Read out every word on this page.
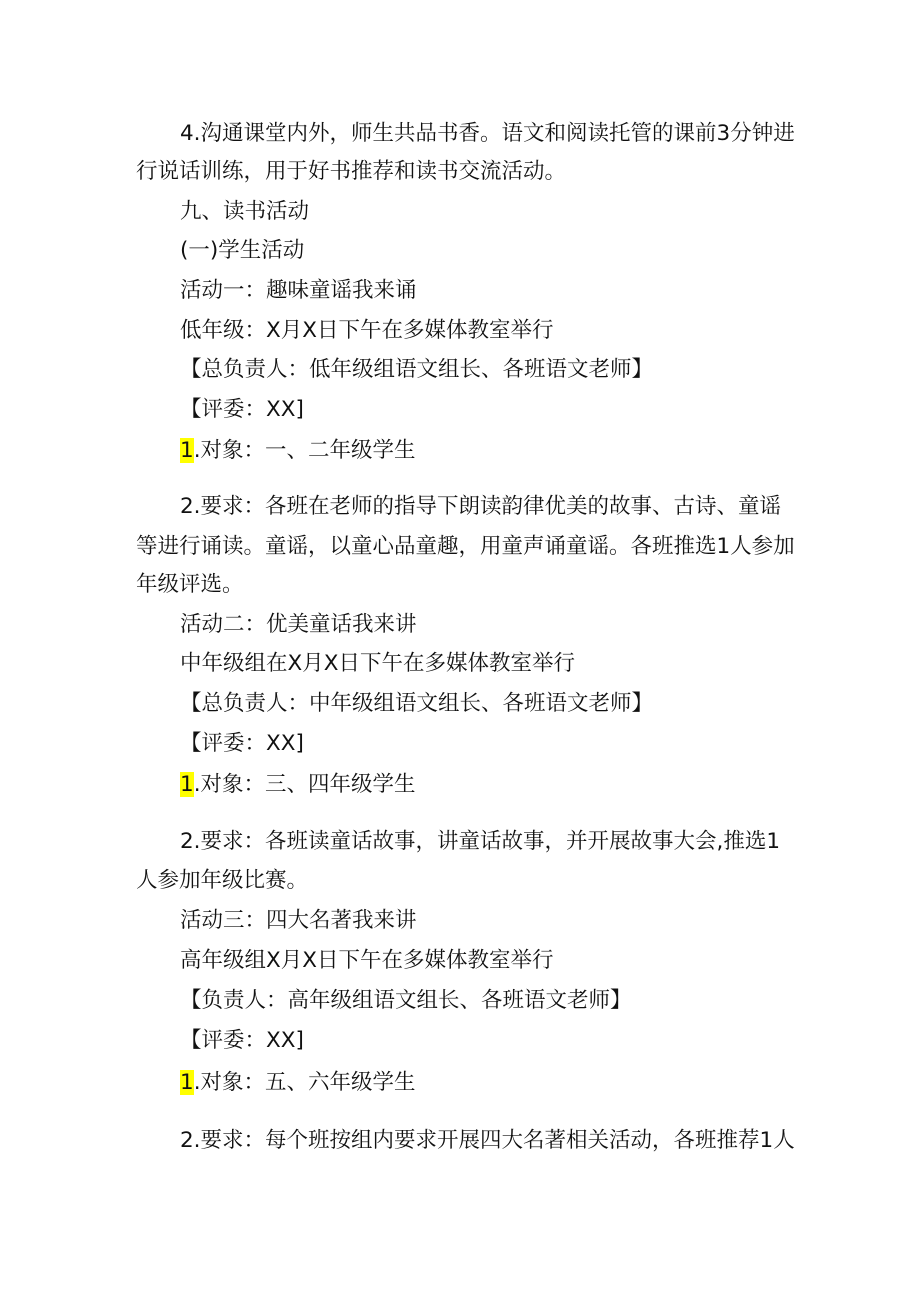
4.沟通课堂内外，师生共品书香。语文和阅读托管的课前3分钟进
行说话训练，用于好书推荐和读书交流活动。
九、读书活动
(一)学生活动
活动一：趣味童谣我来诵
低年级：X月X日下午在多媒体教室举行
【总负责人：低年级组语文组长、各班语文老师】
【评委：XX]
1.对象：一、二年级学生
2.要求：各班在老师的指导下朗读韵律优美的故事、古诗、童谣
等进行诵读。童谣，以童心品童趣，用童声诵童谣。各班推选1人参加
年级评选。
活动二：优美童话我来讲
中年级组在X月X日下午在多媒体教室举行
【总负责人：中年级组语文组长、各班语文老师】
【评委：XX]
1.对象：三、四年级学生
2.要求：各班读童话故事，讲童话故事，并开展故事大会,推选1
人参加年级比赛。
活动三：四大名著我来讲
高年级组X月X日下午在多媒体教室举行
【负责人：高年级组语文组长、各班语文老师】
【评委：XX]
1.对象：五、六年级学生
2.要求：每个班按组内要求开展四大名著相关活动，各班推荐1人
